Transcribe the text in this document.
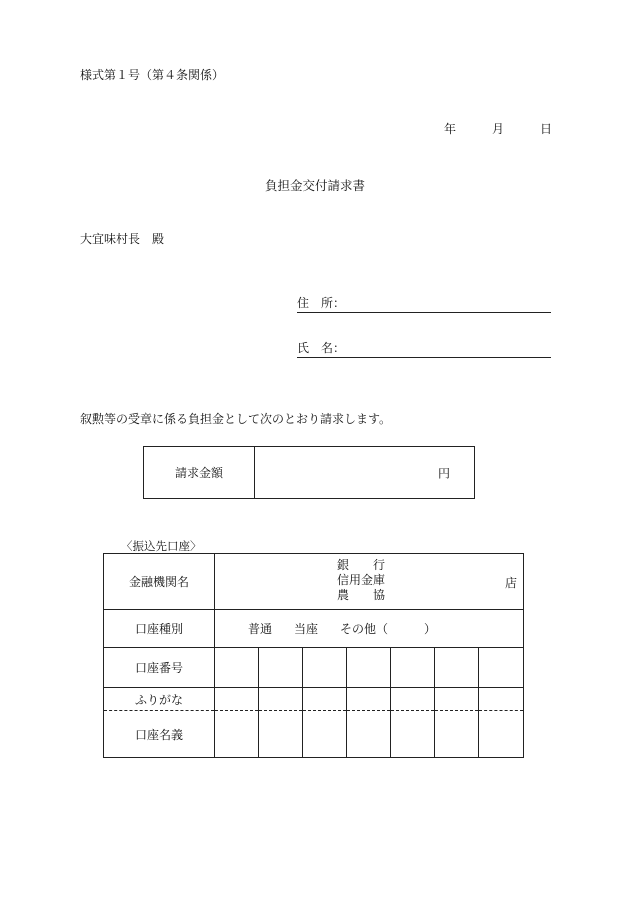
様式第１号（第４条関係）
年	月	日
負担金交付請求書
大宜味村長　殿
住　所：
氏　名：
叙勲等の受章に係る負担金として次のとおり請求します。
請求金額	円
〈振込先口座〉
金融機関名	銀　　行
信用金庫
農　　協
店						

口座種別	普通 当座 その他（ ）						
口座番号							
ふりがな							
口座名義							
